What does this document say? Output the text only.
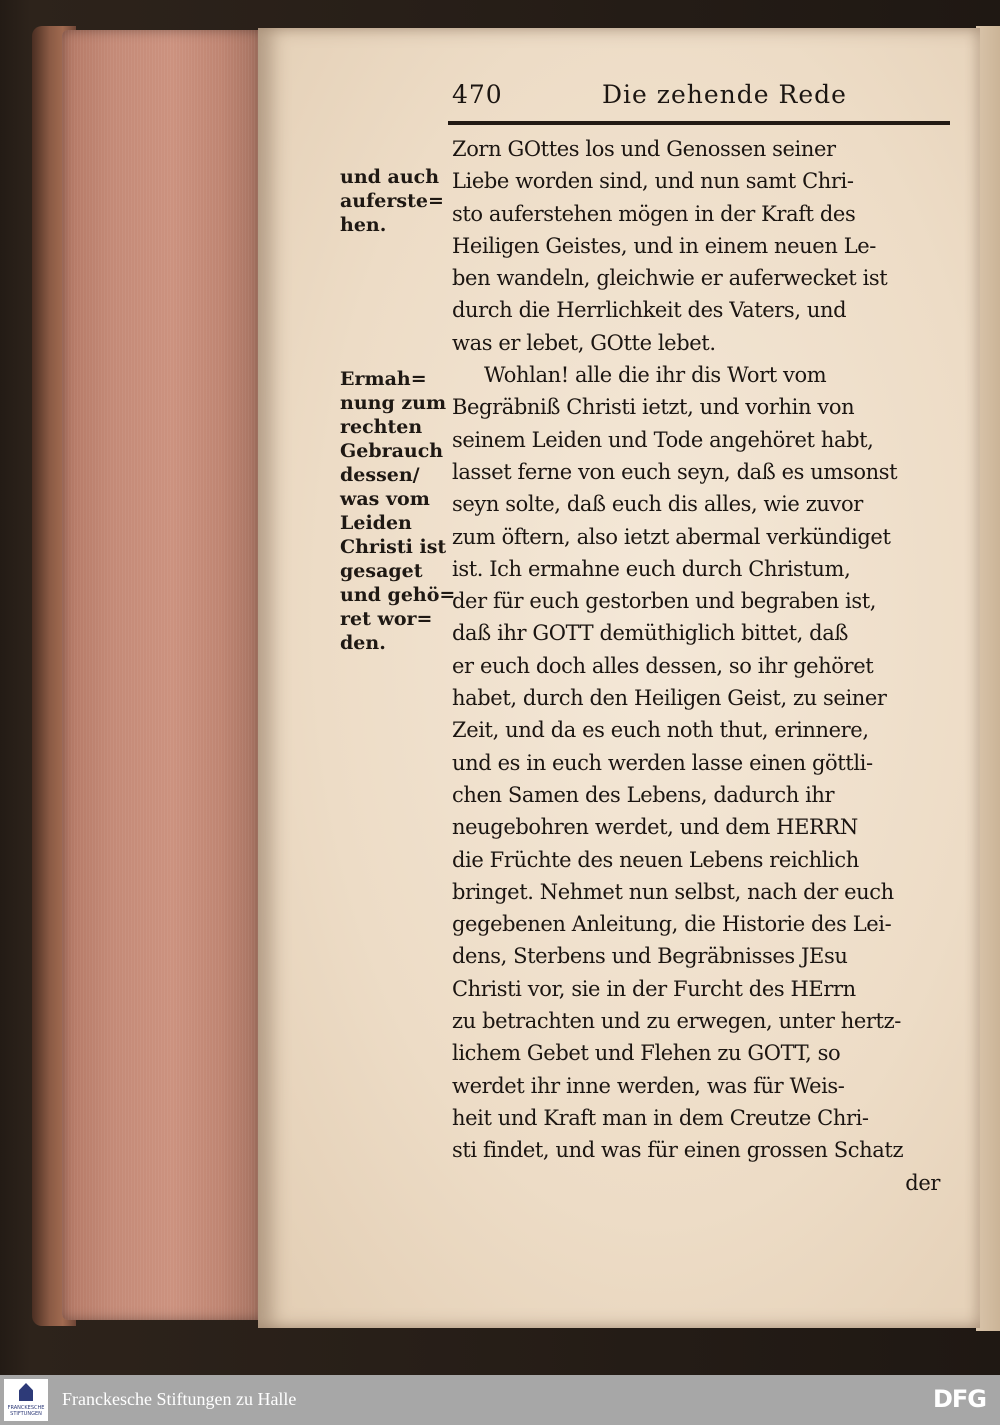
470	Die zehende Rede
und auch
auferste=
hen.
Ermah=
nung zum
rechten
Gebrauch
dessen/
was vom
Leiden
Christi ist
gesaget
und gehö=
ret wor=
den.
Zorn GOttes los und Genossen seiner
Liebe worden sind, und nun samt Chri-
sto auferstehen mögen in der Kraft des
Heiligen Geistes, und in einem neuen Le-
ben wandeln, gleichwie er auferwecket ist
durch die Herrlichkeit des Vaters, und
was er lebet, GOtte lebet.
Wohlan! alle die ihr dis Wort vom
Begräbniß Christi ietzt, und vorhin von
seinem Leiden und Tode angehöret habt,
lasset ferne von euch seyn, daß es umsonst
seyn solte, daß euch dis alles, wie zuvor
zum öftern, also ietzt abermal verkündiget
ist. Ich ermahne euch durch Christum,
der für euch gestorben und begraben ist,
daß ihr GOTT demüthiglich bittet, daß
er euch doch alles dessen, so ihr gehöret
habet, durch den Heiligen Geist, zu seiner
Zeit, und da es euch noth thut, erinnere,
und es in euch werden lasse einen göttli-
chen Samen des Lebens, dadurch ihr
neugebohren werdet, und dem HERRN
die Früchte des neuen Lebens reichlich
bringet. Nehmet nun selbst, nach der euch
gegebenen Anleitung, die Historie des Lei-
dens, Sterbens und Begräbnisses JEsu
Christi vor, sie in der Furcht des HErrn
zu betrachten und zu erwegen, unter hertz-
lichem Gebet und Flehen zu GOTT, so
werdet ihr inne werden, was für Weis-
heit und Kraft man in dem Creutze Chri-
sti findet, und was für einen grossen Schatz
der
FRANCKESCHE
STIFTUNGEN
Franckesche Stiftungen zu Halle	DFG
